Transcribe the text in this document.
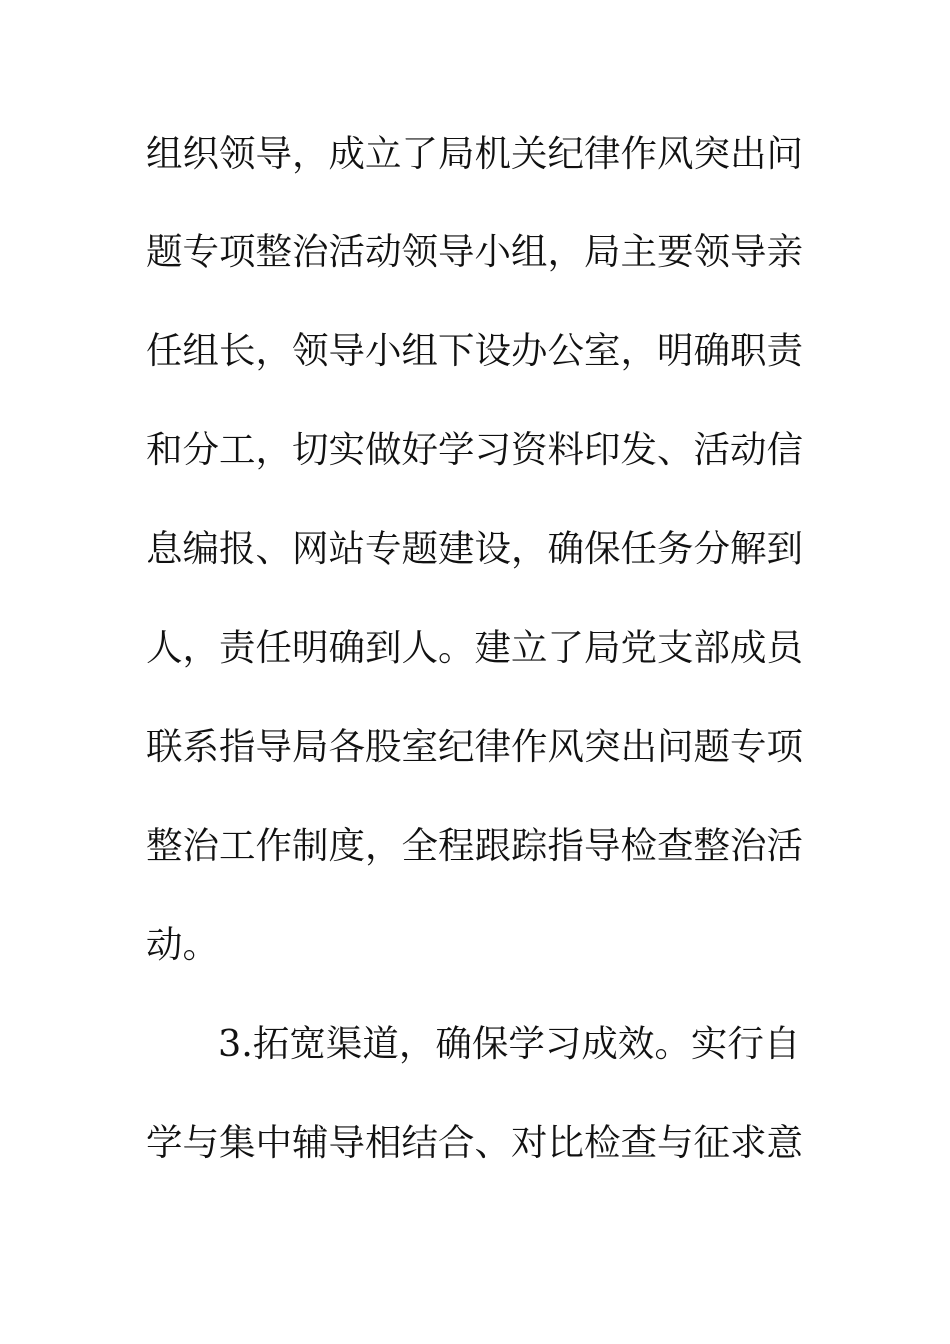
组织领导，成立了局机关纪律作风突出问
题专项整治活动领导小组，局主要领导亲
任组长，领导小组下设办公室，明确职责
和分工，切实做好学习资料印发、活动信
息编报、网站专题建设，确保任务分解到
人，责任明确到人。建立了局党支部成员
联系指导局各股室纪律作风突出问题专项
整治工作制度，全程跟踪指导检查整治活
动。
3.拓宽渠道，确保学习成效。实行自
学与集中辅导相结合、对比检查与征求意
